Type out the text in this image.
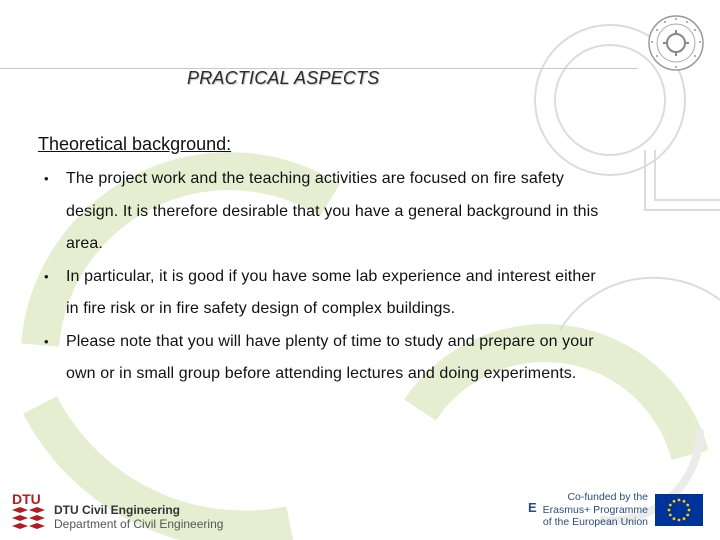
PRACTICAL ASPECTS
Theoretical background:
• The project work and the teaching activities are focused on fire safety
design. It is therefore desirable that you have a general background in this
area.
• In particular, it is good if you have some lab experience and interest either
in fire risk or in fire safety design of complex buildings.
• Please note that you will have plenty of time to study and prepare on your
own or in small group before attending lectures and doing experiments.
DTU
DTU Civil Engineering
Department of Civil Engineering
Co-funded by the
Erasmus+ Programme
of the European Union
E
